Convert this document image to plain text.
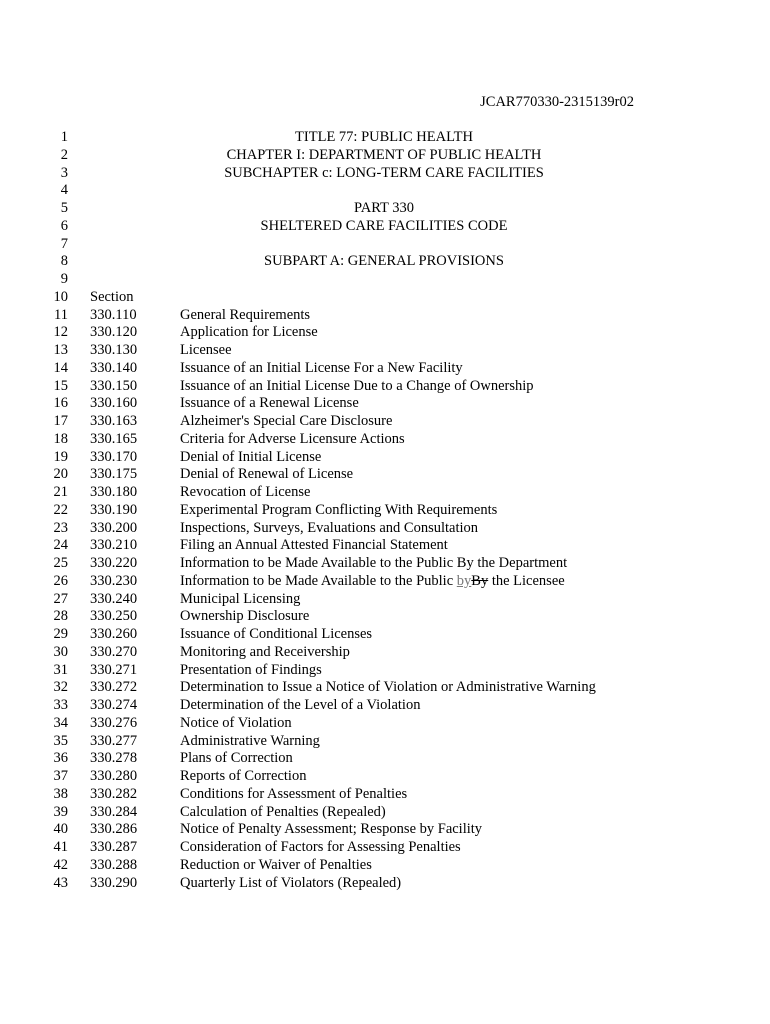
JCAR770330-2315139r02
1	TITLE 77: PUBLIC HEALTH
2	CHAPTER I: DEPARTMENT OF PUBLIC HEALTH
3	SUBCHAPTER c: LONG-TERM CARE FACILITIES
4
5	PART 330
6	SHELTERED CARE FACILITIES CODE
7
8	SUBPART A: GENERAL PROVISIONS
9
10 Section
11 330.110	General Requirements
12 330.120	Application for License
13 330.130	Licensee
14 330.140	Issuance of an Initial License For a New Facility
15 330.150	Issuance of an Initial License Due to a Change of Ownership
16 330.160	Issuance of a Renewal License
17 330.163	Alzheimer's Special Care Disclosure
18 330.165	Criteria for Adverse Licensure Actions
19 330.170	Denial of Initial License
20 330.175	Denial of Renewal of License
21 330.180	Revocation of License
22 330.190	Experimental Program Conflicting With Requirements
23 330.200	Inspections, Surveys, Evaluations and Consultation
24 330.210	Filing an Annual Attested Financial Statement
25 330.220	Information to be Made Available to the Public By the Department
26 330.230	Information to be Made Available to the Public byBy the Licensee
27 330.240	Municipal Licensing
28 330.250	Ownership Disclosure
29 330.260	Issuance of Conditional Licenses
30 330.270	Monitoring and Receivership
31 330.271	Presentation of Findings
32 330.272	Determination to Issue a Notice of Violation or Administrative Warning
33 330.274	Determination of the Level of a Violation
34 330.276	Notice of Violation
35 330.277	Administrative Warning
36 330.278	Plans of Correction
37 330.280	Reports of Correction
38 330.282	Conditions for Assessment of Penalties
39 330.284	Calculation of Penalties (Repealed)
40 330.286	Notice of Penalty Assessment; Response by Facility
41 330.287	Consideration of Factors for Assessing Penalties
42 330.288	Reduction or Waiver of Penalties
43 330.290	Quarterly List of Violators (Repealed)
